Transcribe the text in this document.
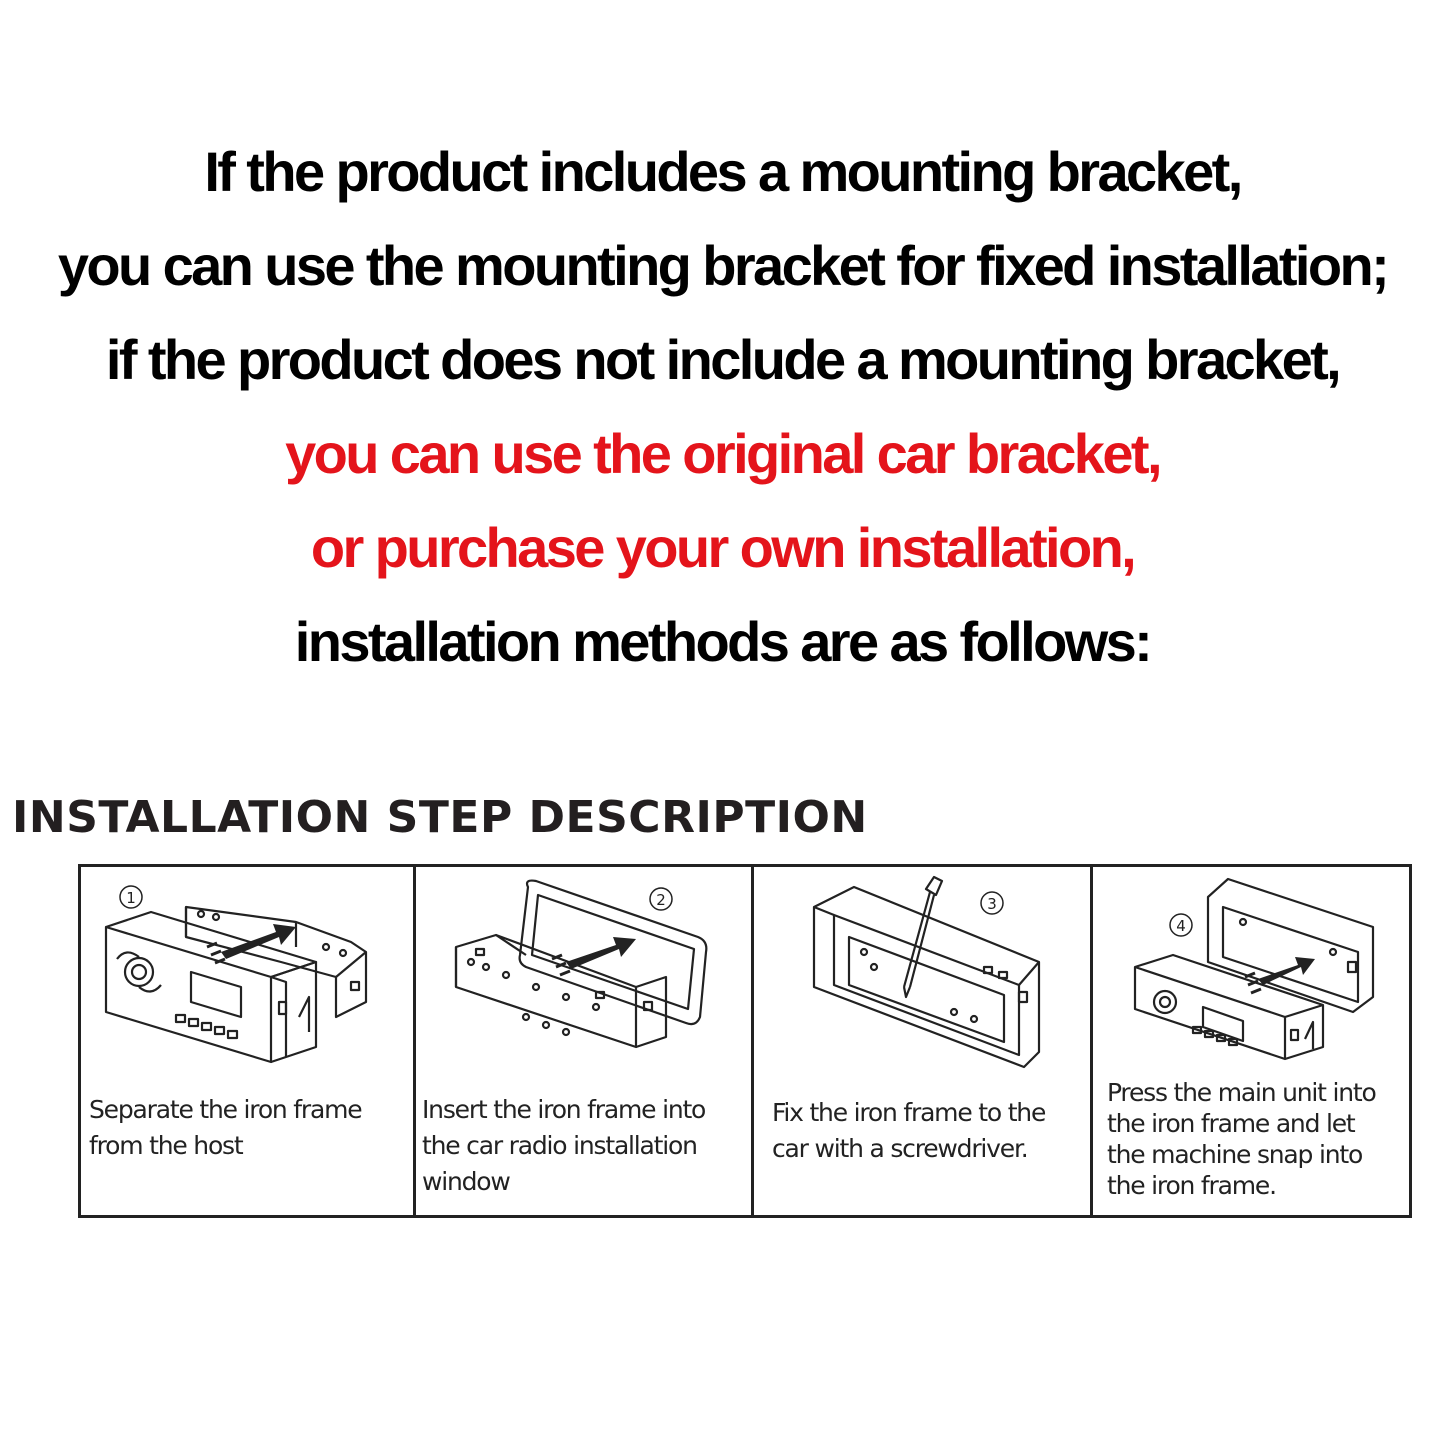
If the product includes a mounting bracket,
you can use the mounting bracket for fixed installation;
if the product does not include a mounting bracket,
you can use the original car bracket,
or purchase your own installation,
installation methods are as follows:
INSTALLATION STEP DESCRIPTION
1
Separate the iron frame
from the host
2
Insert the iron frame into
the car radio installation
window
3
Fix the iron frame to the
car with a screwdriver.
4
Press the main unit into
the iron frame and let
the machine snap into
the iron frame.
